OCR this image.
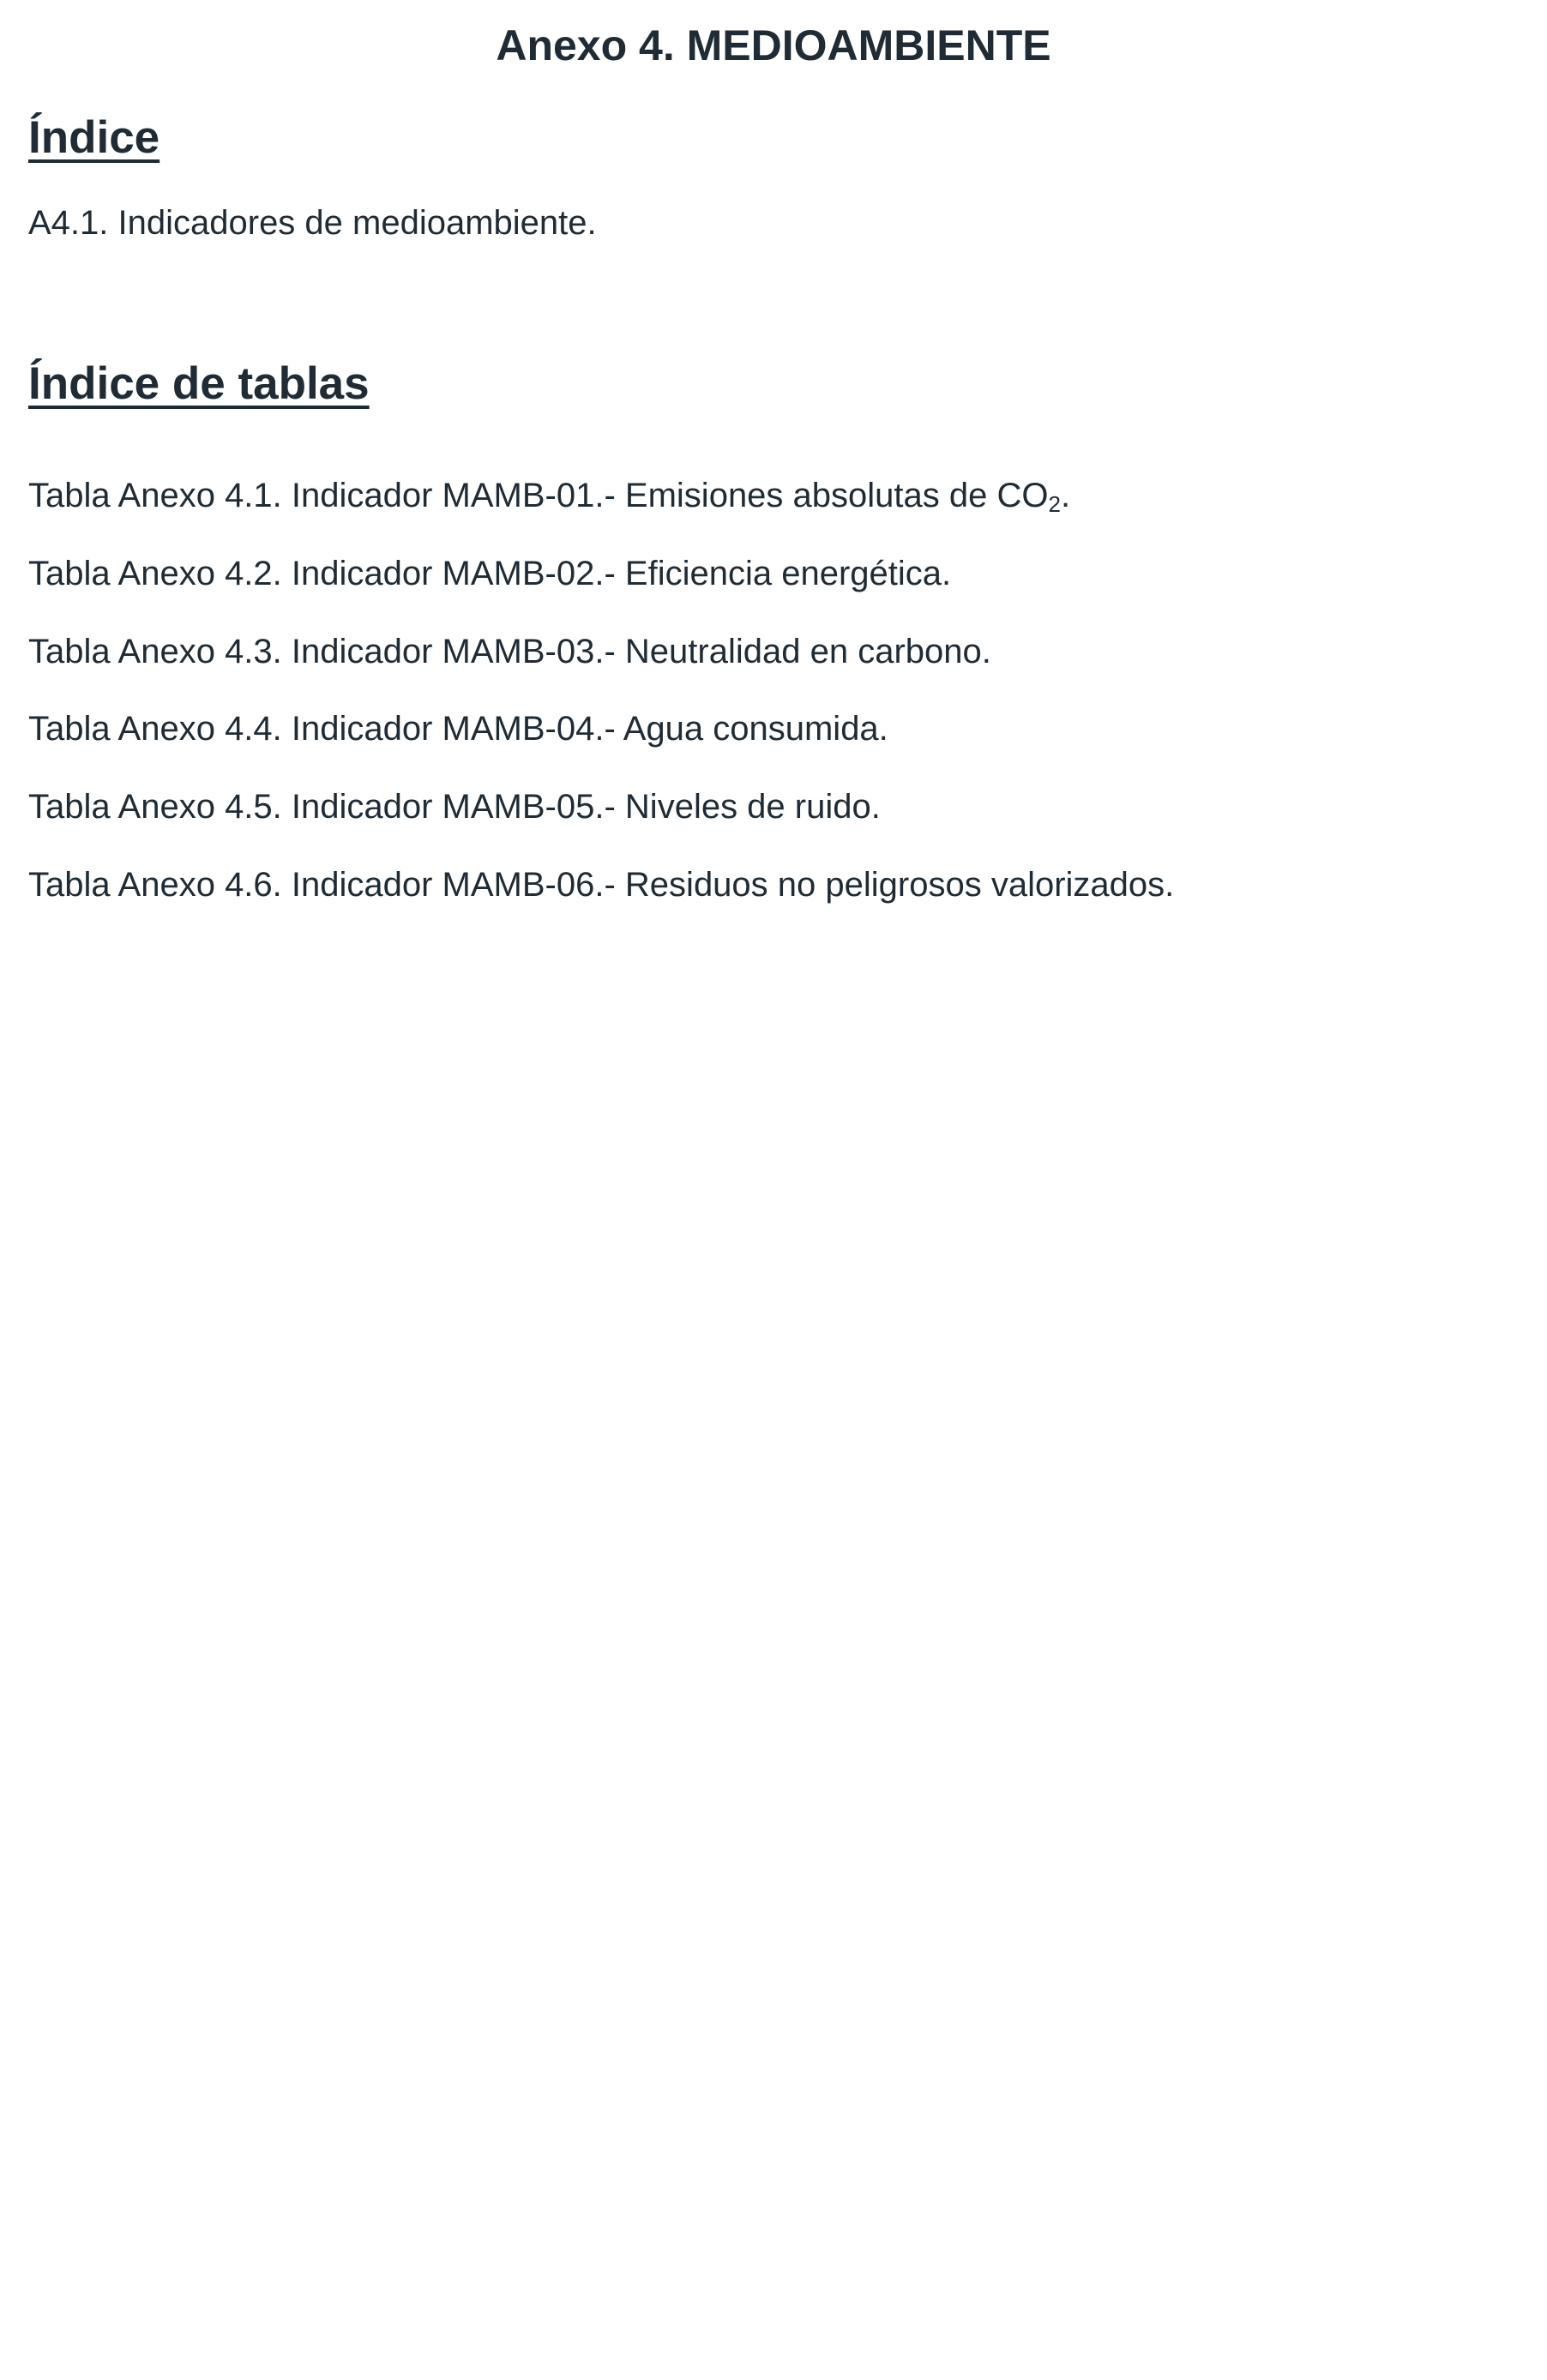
Anexo 4. MEDIOAMBIENTE
Índice

A4.1. Indicadores de medioambiente.

Índice de tablas
Tabla Anexo 4.1. Indicador MAMB-01.- Emisiones absolutas de $CO_2$.
Tabla Anexo 4.2. Indicador MAMB-02.- Eficiencia energética.
Tabla Anexo 4.3. Indicador MAMB-03.- Neutralidad en carbono.
Tabla Anexo 4.4. Indicador MAMB-04.- Agua consumida.
Tabla Anexo 4.5. Indicador MAMB-05.- Niveles de ruido.
Tabla Anexo 4.6. Indicador MAMB-06.- Residuos no peligrosos valorizados.
